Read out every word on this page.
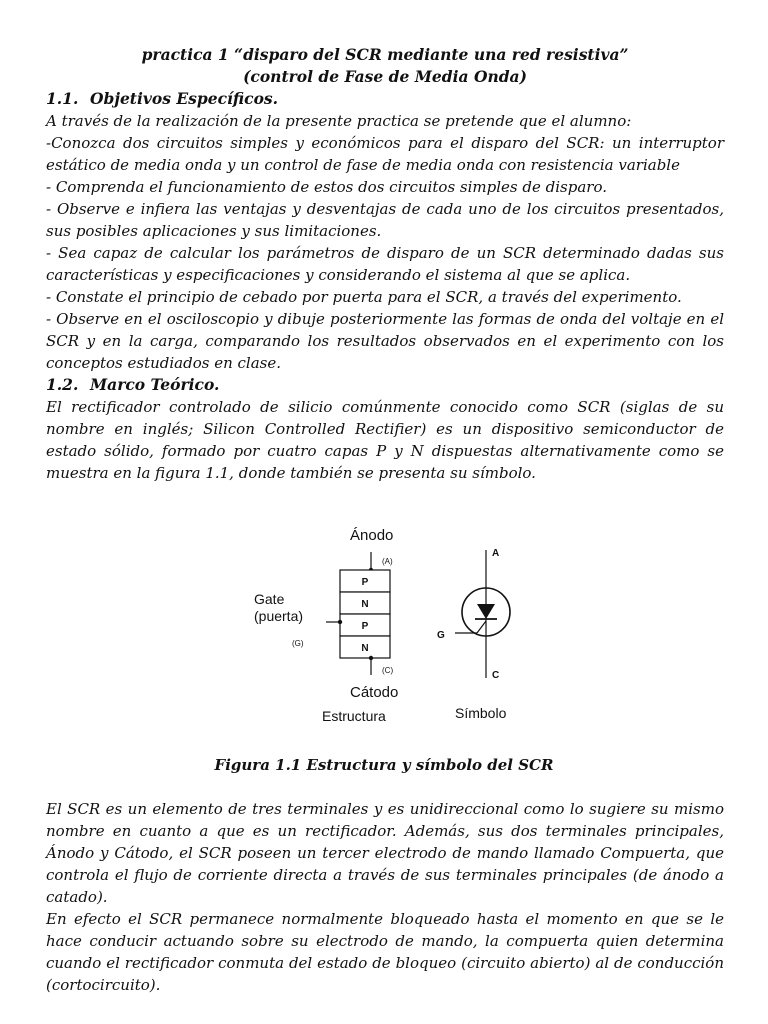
practica 1 “disparo del SCR mediante una red resistiva”
(control de Fase de Media Onda)
1.1. Objetivos Específicos.

A través de la realización de la presente practica se pretende que el alumno:

-Conozca dos circuitos simples y económicos para el disparo del SCR: un interruptor estático de media onda y un control de fase de media onda con resistencia variable

- Comprenda el funcionamiento de estos dos circuitos simples de disparo.

- Observe e infiera las ventajas y desventajas de cada uno de los circuitos presentados, sus posibles aplicaciones y sus limitaciones.

- Sea capaz de calcular los parámetros de disparo de un SCR determinado dadas sus características y especificaciones y considerando el sistema al que se aplica.

- Constate el principio de cebado por puerta para el SCR, a través del experimento.

- Observe en el osciloscopio y dibuje posteriormente las formas de onda del voltaje en el SCR y en la carga, comparando los resultados observados en el experimento con los conceptos estudiados en clase.

1.2. Marco Teórico.

El rectificador controlado de silicio comúnmente conocido como SCR (siglas de su nombre en inglés; Silicon Controlled Rectifier) es un dispositivo semiconductor de estado sólido, formado por cuatro capas P y N dispuestas alternativamente como se muestra en la figura 1.1, donde también se presenta su símbolo.

Ánodo
(A)
P
N
P
N
Gate
(puerta)
(G)
(C)
Cátodo
Estructura
A
G
C
Símbolo
Figura 1.1 Estructura y símbolo del SCR

El SCR es un elemento de tres terminales y es unidireccional como lo sugiere su mismo nombre en cuanto a que es un rectificador. Además, sus dos terminales principales, Ánodo y Cátodo, el SCR poseen un tercer electrodo de mando llamado Compuerta, que controla el flujo de corriente directa a través de sus terminales principales (de ánodo a catado).

En efecto el SCR permanece normalmente bloqueado hasta el momento en que se le hace conducir actuando sobre su electrodo de mando, la compuerta quien determina cuando el rectificador conmuta del estado de bloqueo (circuito abierto) al de conducción (cortocircuito).
